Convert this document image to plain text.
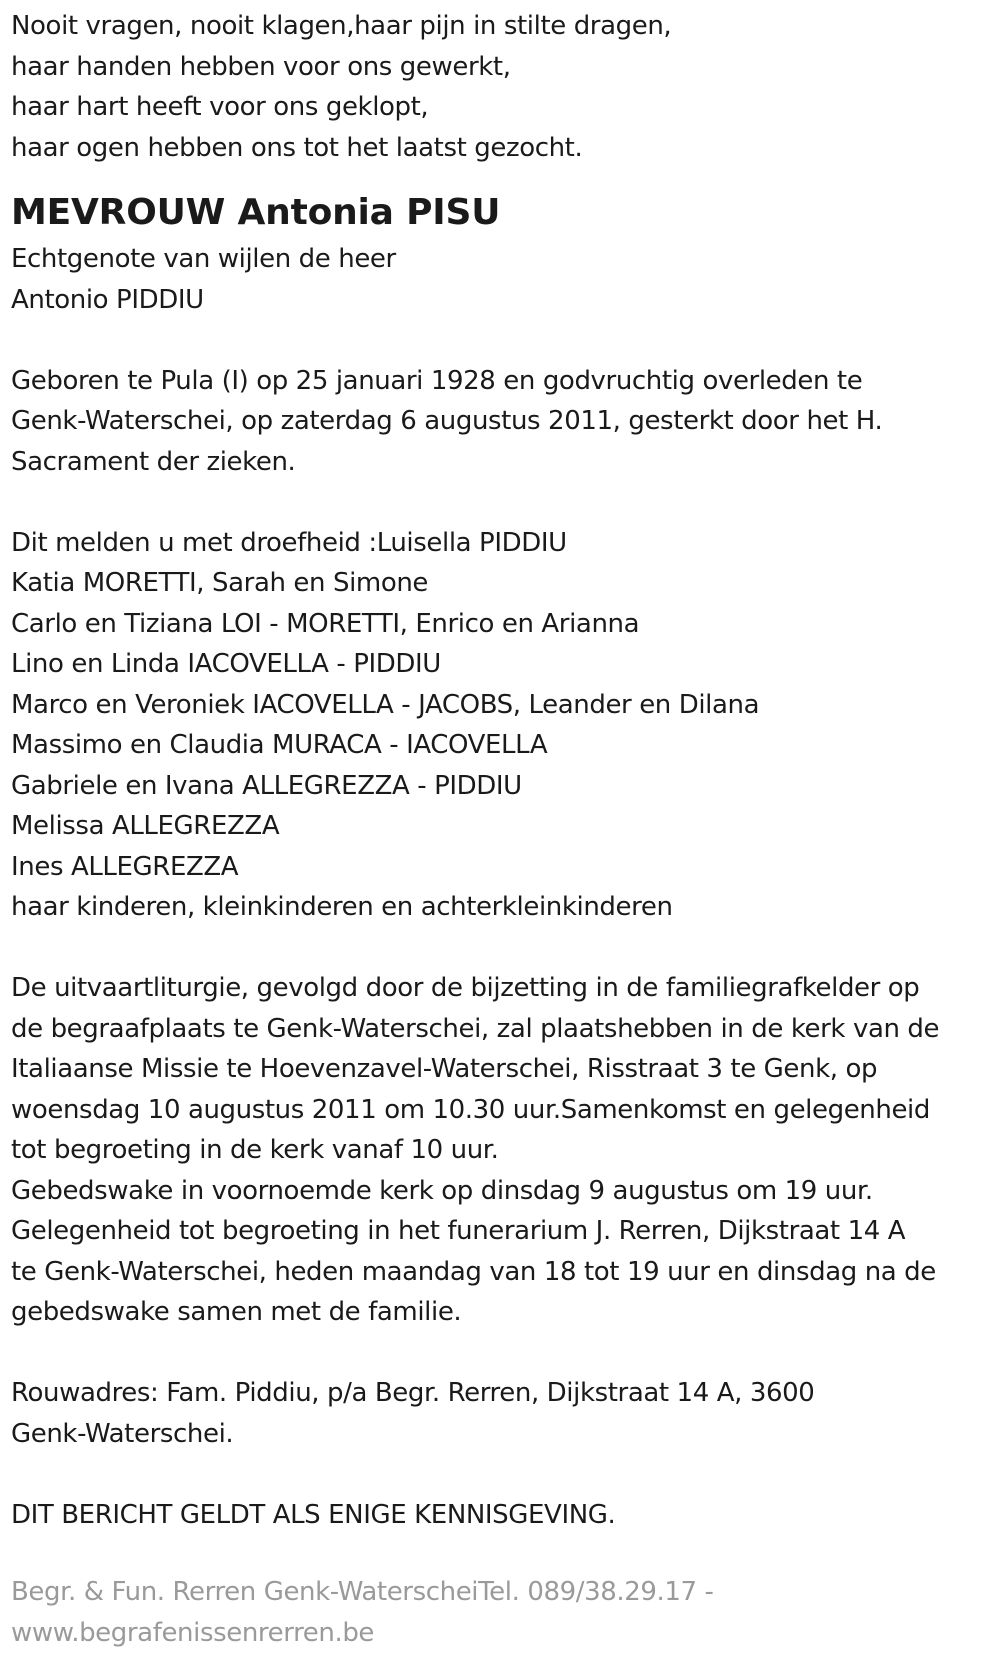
Nooit vragen, nooit klagen,haar pijn in stilte dragen,
haar handen hebben voor ons gewerkt,
haar hart heeft voor ons geklopt,
haar ogen hebben ons tot het laatst gezocht.
MEVROUW Antonia PISU
Echtgenote van wijlen de heer
Antonio PIDDIU
Geboren te Pula (I) op 25 januari 1928 en godvruchtig overleden te
Genk-Waterschei, op zaterdag 6 augustus 2011, gesterkt door het H.
Sacrament der zieken.
Dit melden u met droefheid :Luisella PIDDIU
Katia MORETTI, Sarah en Simone
Carlo en Tiziana LOI - MORETTI, Enrico en Arianna
Lino en Linda IACOVELLA - PIDDIU
Marco en Veroniek IACOVELLA - JACOBS, Leander en Dilana
Massimo en Claudia MURACA - IACOVELLA
Gabriele en Ivana ALLEGREZZA - PIDDIU
Melissa ALLEGREZZA
Ines ALLEGREZZA
haar kinderen, kleinkinderen en achterkleinkinderen
De uitvaartliturgie, gevolgd door de bijzetting in de familiegrafkelder op
de begraafplaats te Genk-Waterschei, zal plaatshebben in de kerk van de
Italiaanse Missie te Hoevenzavel-Waterschei, Risstraat 3 te Genk, op
woensdag 10 augustus 2011 om 10.30 uur.Samenkomst en gelegenheid
tot begroeting in de kerk vanaf 10 uur.
Gebedswake in voornoemde kerk op dinsdag 9 augustus om 19 uur.
Gelegenheid tot begroeting in het funerarium J. Rerren, Dijkstraat 14 A
te Genk-Waterschei, heden maandag van 18 tot 19 uur en dinsdag na de
gebedswake samen met de familie.
Rouwadres: Fam. Piddiu, p/a Begr. Rerren, Dijkstraat 14 A, 3600
Genk-Waterschei.
DIT BERICHT GELDT ALS ENIGE KENNISGEVING.
Begr. & Fun. Rerren Genk-WaterscheiTel. 089/38.29.17 -
www.begrafenissenrerren.be
